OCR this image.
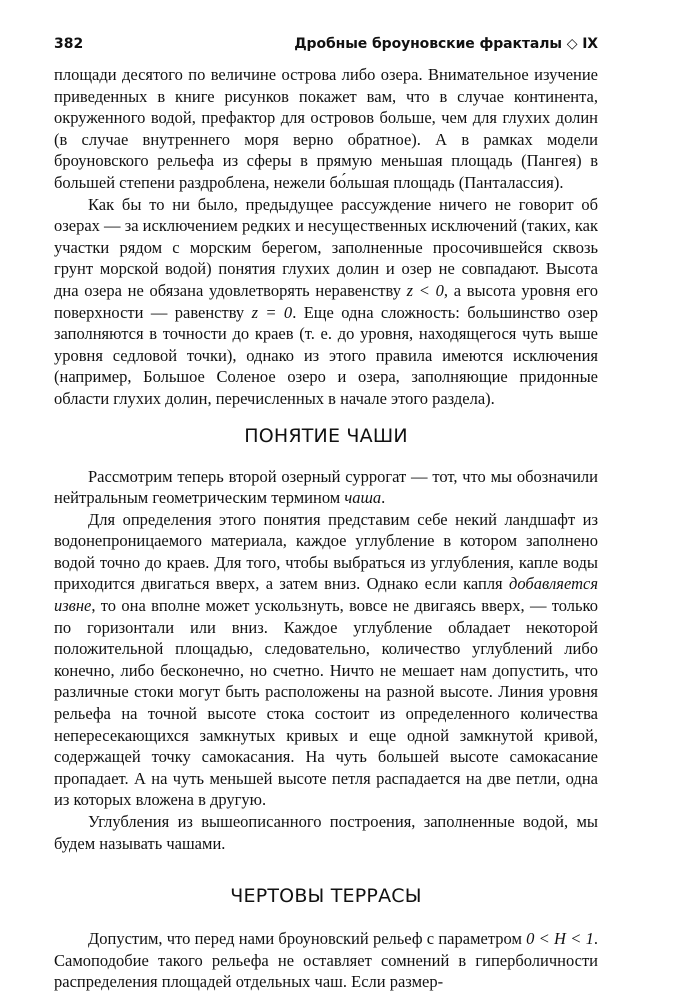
382	Дробные броуновские фракталы ◇ IX

площади десятого по величине острова либо озера. Внимательное изучение приведенных в книге рисунков покажет вам, что в случае континента, окруженного водой, префактор для островов больше, чем для глухих долин (в случае внутреннего моря верно обратное). А в рамках модели броуновского рельефа из сферы в прямую меньшая площадь (Пангея) в большей степени раздроблена, нежели бо́льшая площадь (Панталассия).

Как бы то ни было, предыдущее рассуждение ничего не говорит об озерах — за исключением редких и несущественных исключений (таких, как участки рядом с морским берегом, заполненные просочившейся сквозь грунт морской водой) понятия глухих долин и озер не совпадают. Высота дна озера не обязана удовлетворять неравенству z < 0, а высота уровня его поверхности — равенству z = 0. Еще одна сложность: большинство озер заполняются в точности до краев (т. е. до уровня, находящегося чуть выше уровня седловой точки), однако из этого правила имеются исключения (например, Большое Соленое озеро и озера, заполняющие придонные области глухих долин, перечисленных в начале этого раздела).

ПОНЯТИЕ ЧАШИ

Рассмотрим теперь второй озерный суррогат — тот, что мы обозначили нейтральным геометрическим термином чаша.

Для определения этого понятия представим себе некий ландшафт из водонепроницаемого материала, каждое углубление в котором заполнено водой точно до краев. Для того, чтобы выбраться из углубления, капле воды приходится двигаться вверх, а затем вниз. Однако если капля добавляется извне, то она вполне может ускользнуть, вовсе не двигаясь вверх, — только по горизонтали или вниз. Каждое углубление обладает некоторой положительной площадью, следовательно, количество углублений либо конечно, либо бесконечно, но счетно. Ничто не мешает нам допустить, что различные стоки могут быть расположены на разной высоте. Линия уровня рельефа на точной высоте стока состоит из определенного количества непересекающихся замкнутых кривых и еще одной замкнутой кривой, содержащей точку самокасания. На чуть большей высоте самокасание пропадает. А на чуть меньшей высоте петля распадается на две петли, одна из которых вложена в другую.

Углубления из вышеописанного построения, заполненные водой, мы будем называть чашами.

ЧЕРТОВЫ ТЕРРАСЫ

Допустим, что перед нами броуновский рельеф с параметром 0 < H < 1. Самоподобие такого рельефа не оставляет сомнений в гиперболичности распределения площадей отдельных чаш. Если размер-
